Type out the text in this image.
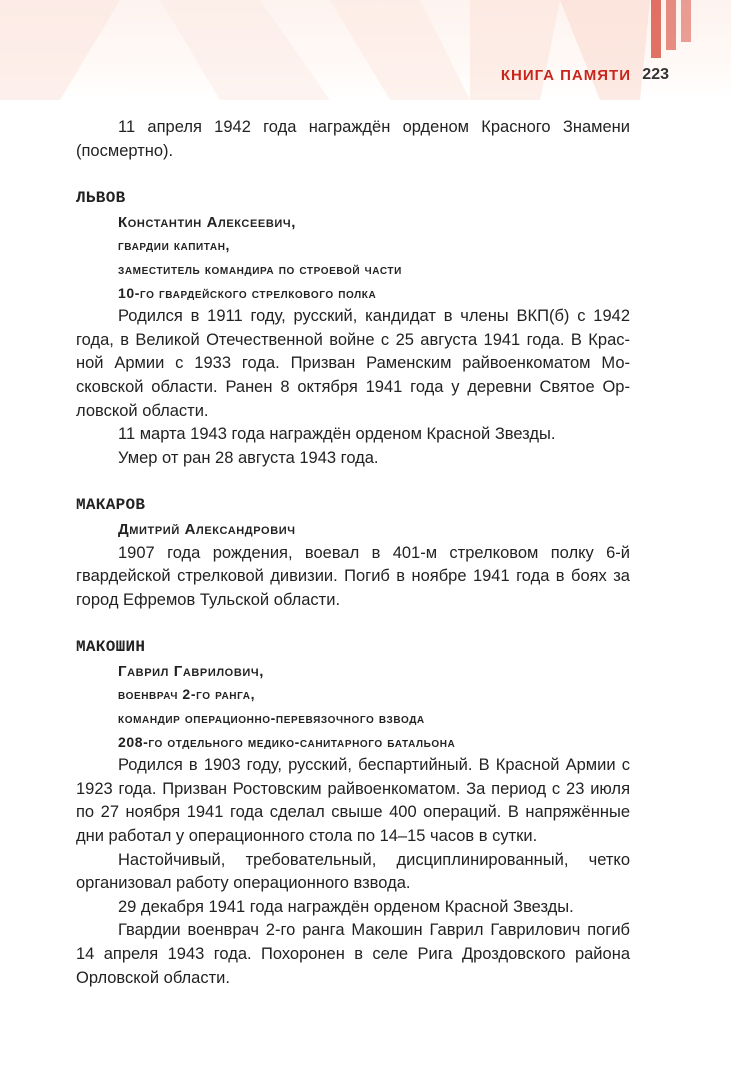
КНИГА ПАМЯТИ 223

11 апреля 1942 года награждён орденом Красного Знамени (посмертно).

ЛЬВОВ

Константин Алексеевич,

гвардии капитан,

заместитель командира по строевой части

10-го гвардейского стрелкового полка

Родился в 1911 году, русский, кандидат в члены ВКП(б) с 1942 года, в Великой Отечественной войне с 25 августа 1941 года. В Красной Армии с 1933 года. Призван Раменским райвоенкоматом Московской области. Ранен 8 октября 1941 года у деревни Святое Орловской области.

11 марта 1943 года награждён орденом Красной Звезды.

Умер от ран 28 августа 1943 года.

МАКАРОВ

Дмитрий Александрович

1907 года рождения, воевал в 401-м стрелковом полку 6-й гвардейской стрелковой дивизии. Погиб в ноябре 1941 года в боях за город Ефремов Тульской области.

МАКОШИН

Гаврил Гаврилович,

военврач 2-го ранга,

командир операционно-перевязочного взвода

208-го отдельного медико-санитарного батальона

Родился в 1903 году, русский, беспартийный. В Красной Армии с 1923 года. Призван Ростовским райвоенкоматом. За период с 23 июля по 27 ноября 1941 года сделал свыше 400 операций. В напряжённые дни работал у операционного стола по 14–15 часов в сутки.

Настойчивый, требовательный, дисциплинированный, четко организовал работу операционного взвода.

29 декабря 1941 года награждён орденом Красной Звезды.

Гвардии военврач 2-го ранга Макошин Гаврил Гаврилович погиб 14 апреля 1943 года. Похоронен в селе Рига Дроздовского района Орловской области.
